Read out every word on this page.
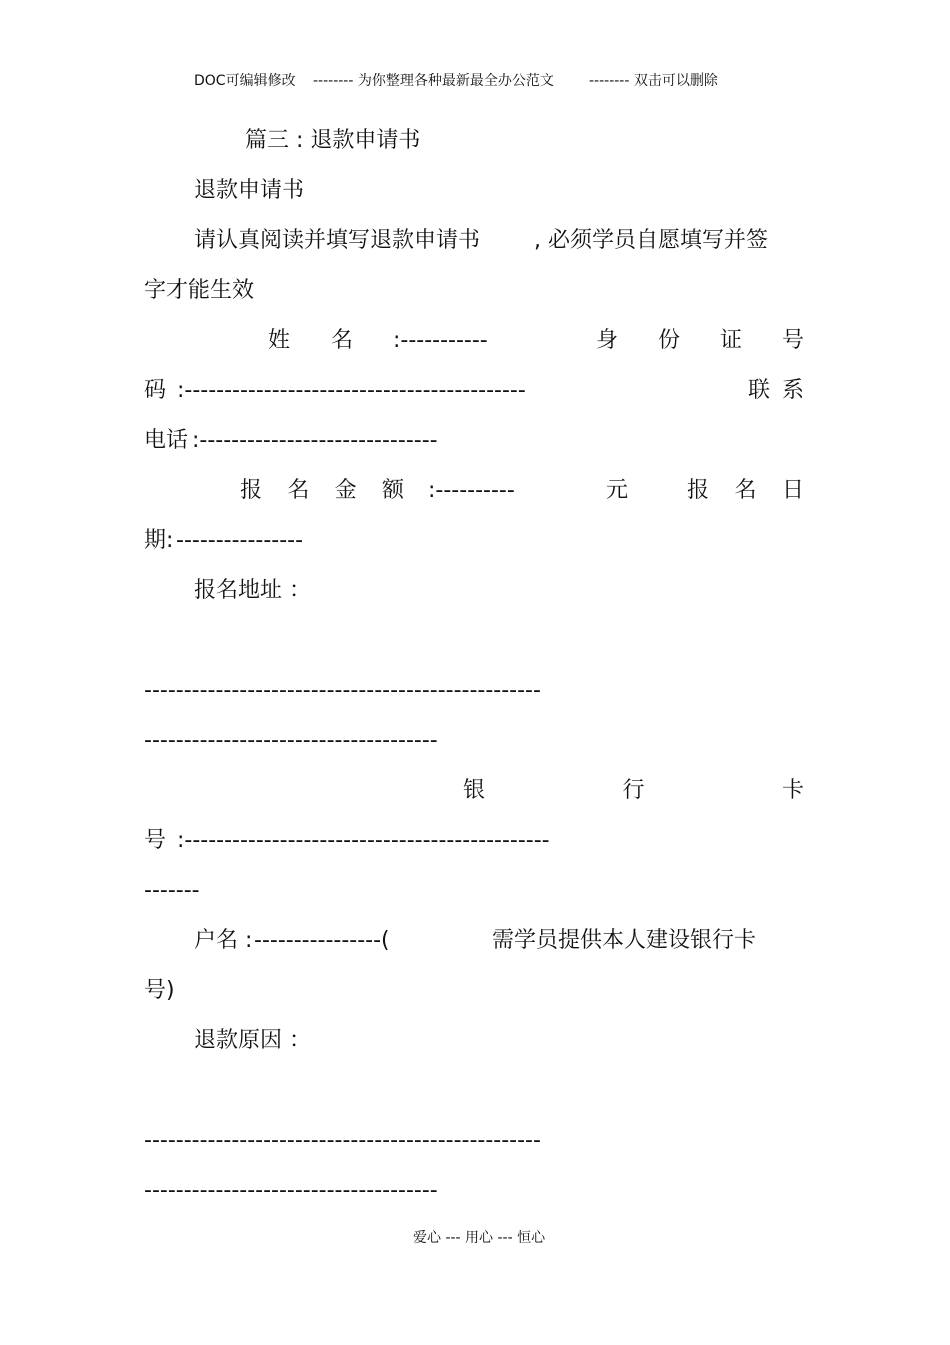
DOC可编辑修改 -------- 为你整理各种最新最全办公范文	-------- 双击可以删除
篇三 : 退款申请书
退款申请书
请认真阅读并填写退款申请书 , 必须学员自愿填写并签
字才能生效
姓 名 :-----------	身 份 证 号
码 :-------------------------------------------	联 系
电话 :------------------------------
报 名 金 额 :----------	元	报 名 日
期: ----------------
报名地址 ：
--------------------------------------------------
-------------------------------------
银	行	卡
号 :----------------------------------------------
-------
户名 : ----------------(	需学员提供本人建设银行卡
号)
退款原因 ：
--------------------------------------------------
-------------------------------------
爱心 --- 用心 --- 恒心
